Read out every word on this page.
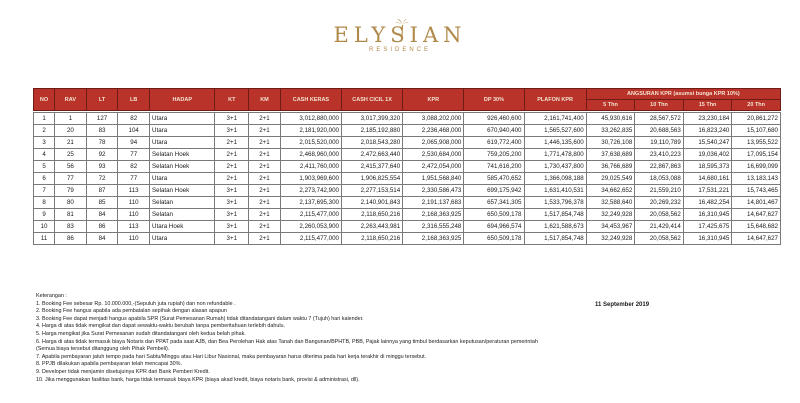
ELYSIAN
RESIDENCE
NO	RAV	LT	LB	HADAP	KT	KM	CASH KERAS	CASH CICIL 1X	KPR	DP 30%	PLAFON KPR	ANGSURAN KPR (asumsi bunga KPR 10%)			
												5 Thn	10 Thn	15 Thn	20 Thn

1	1	127	82	Utara	3+1	2+1	3,012,880,000	3,017,399,320	3,088,202,000	926,460,600	2,161,741,400	45,930,616	28,567,572	23,230,184	20,861,272
2	20	83	104	Utara	3+1	2+1	2,181,920,000	2,185,192,880	2,236,468,000	670,940,400	1,565,527,600	33,262,835	20,688,563	16,823,240	15,107,680
3	21	78	94	Utara	2+1	2+1	2,015,520,000	2,018,543,280	2,065,908,000	619,772,400	1,446,135,600	30,726,108	19,110,789	15,540,247	13,955,522
4	25	92	77	Selatan Hoek	2+1	2+1	2,468,960,000	2,472,663,440	2,530,684,000	759,205,200	1,771,478,800	37,638,689	23,410,223	19,036,402	17,095,154
5	56	93	82	Selatan Hoek	2+1	2+1	2,411,760,000	2,415,377,640	2,472,054,000	741,616,200	1,730,437,800	36,766,689	22,867,863	18,595,373	16,699,099
6	77	72	77	Utara	2+1	2+1	1,903,969,600	1,906,825,554	1,951,568,840	585,470,652	1,366,098,188	29,025,549	18,053,088	14,680,161	13,183,143
7	79	87	113	Selatan Hoek	3+1	2+1	2,273,742,900	2,277,153,514	2,330,586,473	699,175,942	1,631,410,531	34,662,652	21,559,210	17,531,221	15,743,465
8	80	85	110	Selatan	3+1	2+1	2,137,695,300	2,140,901,843	2,191,137,683	657,341,305	1,533,796,378	32,588,640	20,269,232	16,482,254	14,801,467
9	81	84	110	Selatan	3+1	2+1	2,115,477,000	2,118,650,216	2,168,363,925	650,509,178	1,517,854,748	32,249,928	20,058,562	16,310,945	14,647,627
10	83	86	113	Utara Hoek	3+1	2+1	2,260,053,900	2,263,443,981	2,316,555,248	694,966,574	1,621,588,673	34,453,967	21,429,414	17,425,675	15,648,682
11	86	84	110	Utara	3+1	2+1	2,115,477,000	2,118,650,216	2,168,363,925	650,509,178	1,517,854,748	32,249,928	20,058,562	16,310,945	14,647,627
Keterangan :
1. Booking Fee sebesar Rp. 10.000.000,-(Sepuluh juta rupiah) dan non refundable .
2. Booking Fee hangus apabila ada pembatalan sepihak dengan alasan apapun
3. Booking Fee dapat menjadi hangus apabila SPR (Surat Pemesanan Rumah) tidak ditandatangani dalam waktu 7 (Tujuh) hari kalender.
4. Harga di atas tidak mengikat dan dapat sewaktu-waktu berubah tanpa pemberitahuan terlebih dahulu.
5. Harga mengikat jika Surat Pemesanan sudah ditandatangani oleh kedua belah pihak.
6. Harga di atas tidak termasuk biaya Notaris dan PPAT pada saat AJB, dan Bea Perolehan Hak atas Tanah dan Bangunan/BPHTB, PBB, Pajak lainnya yang timbul berdasarkan keputusan/peraturan pemerintah
(Semua biaya tersebut ditanggung oleh Pihak Pembeli).
7. Apabila pembayaran jatuh tempo pada hari Sabtu/Minggu atau Hari Libur Nasional, maka pembayaran harus diterima pada hari kerja terakhir di minggu tersebut.
8. PPJB dilakukan apabila pembayaran telah mencapai 30%.
9. Developer tidak menjamin disetujuinya KPR dari Bank Pemberi Kredit.
10. Jika menggunakan fasilitas bank, harga tidak termasuk biaya KPR (biaya akad kredit, biaya notaris bank, provisi & administrasi, dll).
11 September 2019
